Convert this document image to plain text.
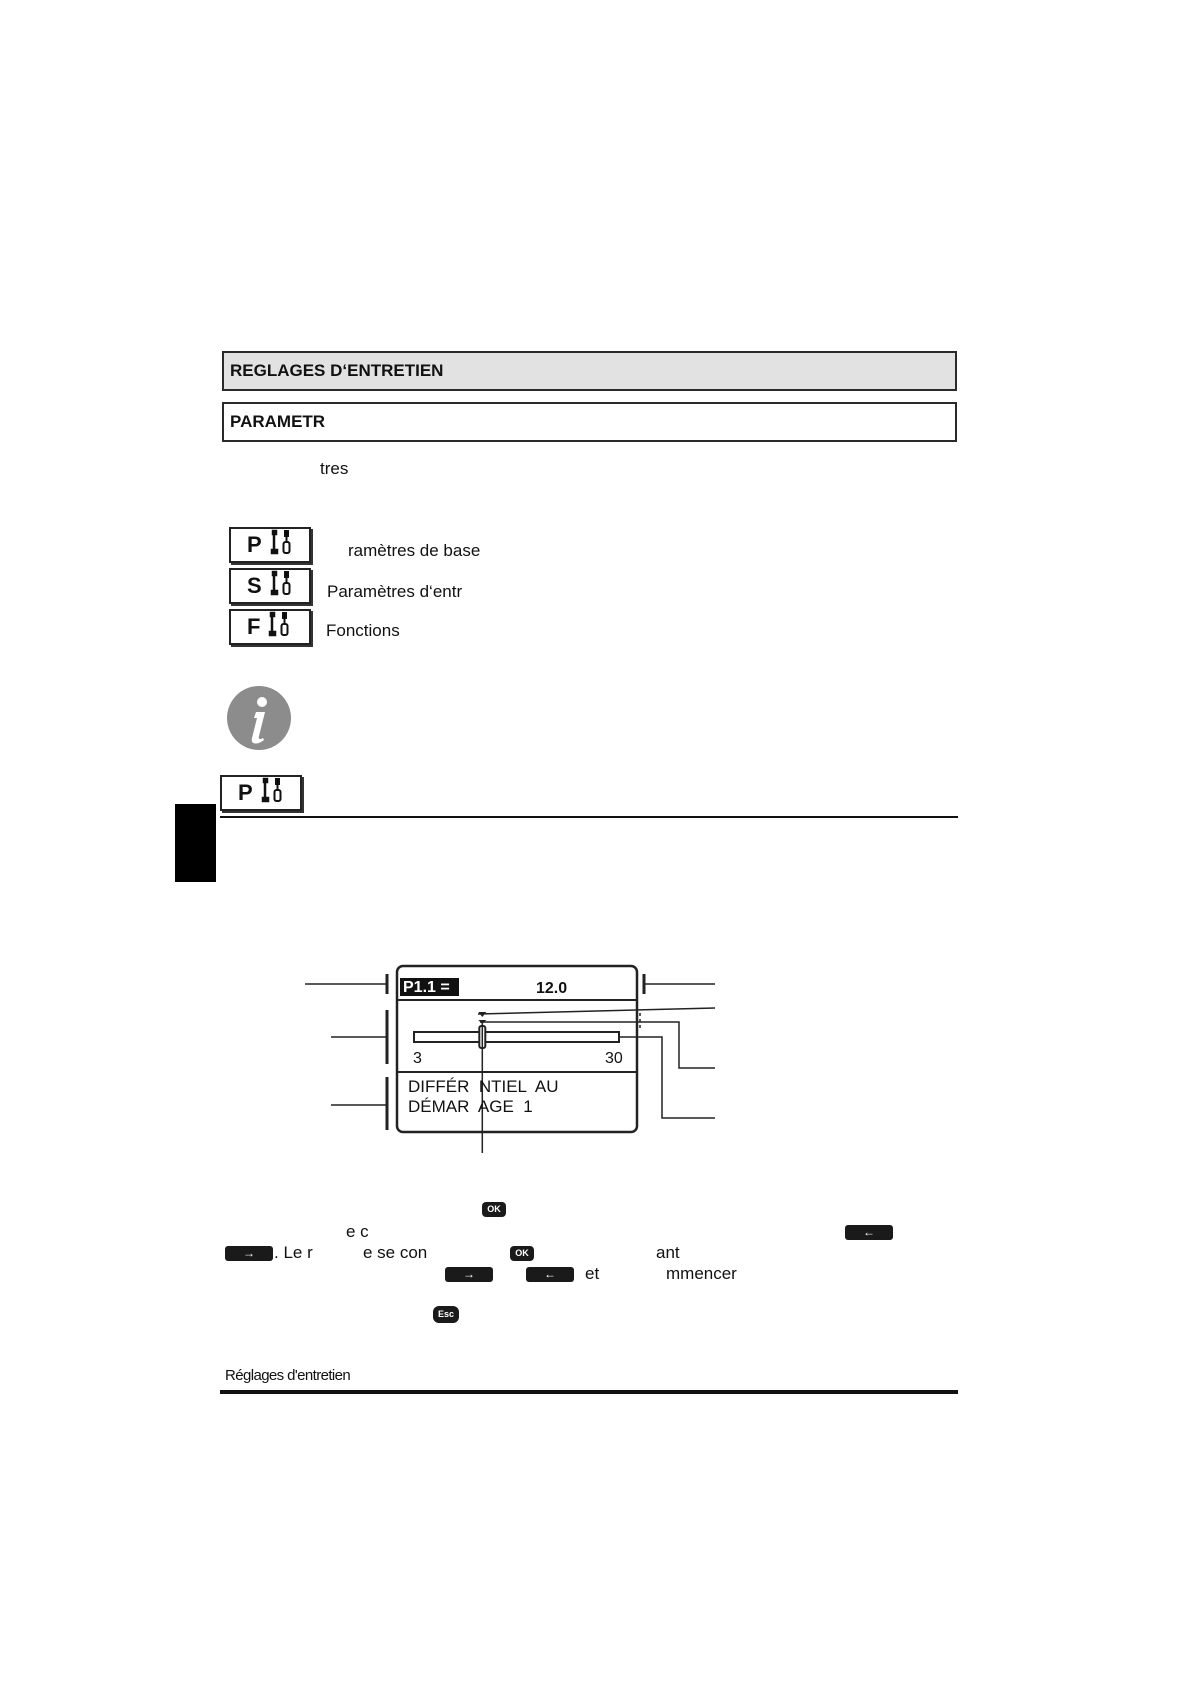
REGLAGES D‘ENTRETIEN
PARAMETR
tres
P	ramètres de base
S	Paramètres d‘entr
F	Fonctions
P
P1.1 =	12.0
3	30
DIFFÉR  NTIEL  AU
DÉMAR  AGE  1
OK
e c	←
→	. Le r	e se con	OK	ant
→	←	et	mmencer
Esc
Réglages d'entretien
